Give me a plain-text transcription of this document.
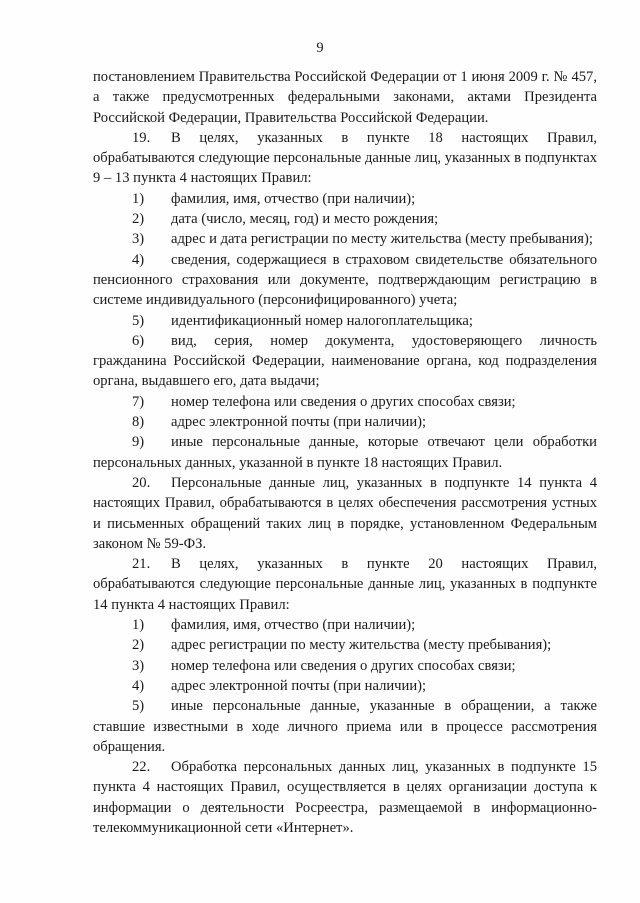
9

постановлением Правительства Российской Федерации от 1 июня 2009 г. № 457, а также предусмотренных федеральными законами, актами Президента Российской Федерации, Правительства Российской Федерации.

19. В целях, указанных в пункте 18 настоящих Правил, обрабатываются следующие персональные данные лиц, указанных в подпунктах 9 – 13 пункта 4 настоящих Правил:

1) фамилия, имя, отчество (при наличии);

2) дата (число, месяц, год) и место рождения;

3) адрес и дата регистрации по месту жительства (месту пребывания);

4) сведения, содержащиеся в страховом свидетельстве обязательного пенсионного страхования или документе, подтверждающим регистрацию в системе индивидуального (персонифицированного) учета;

5) идентификационный номер налогоплательщика;

6) вид, серия, номер документа, удостоверяющего личность гражданина Российской Федерации, наименование органа, код подразделения органа, выдавшего его, дата выдачи;

7) номер телефона или сведения о других способах связи;

8) адрес электронной почты (при наличии);

9) иные персональные данные, которые отвечают цели обработки персональных данных, указанной в пункте 18 настоящих Правил.

20. Персональные данные лиц, указанных в подпункте 14 пункта 4 настоящих Правил, обрабатываются в целях обеспечения рассмотрения устных и письменных обращений таких лиц в порядке, установленном Федеральным законом № 59-ФЗ.

21. В целях, указанных в пункте 20 настоящих Правил, обрабатываются следующие персональные данные лиц, указанных в подпункте 14 пункта 4 настоящих Правил:

1) фамилия, имя, отчество (при наличии);

2) адрес регистрации по месту жительства (месту пребывания);

3) номер телефона или сведения о других способах связи;

4) адрес электронной почты (при наличии);

5) иные персональные данные, указанные в обращении, а также ставшие известными в ходе личного приема или в процессе рассмотрения обращения.

22. Обработка персональных данных лиц, указанных в подпункте 15 пункта 4 настоящих Правил, осуществляется в целях организации доступа к информации о деятельности Росреестра, размещаемой в информационно-телекоммуникационной сети «Интернет».
